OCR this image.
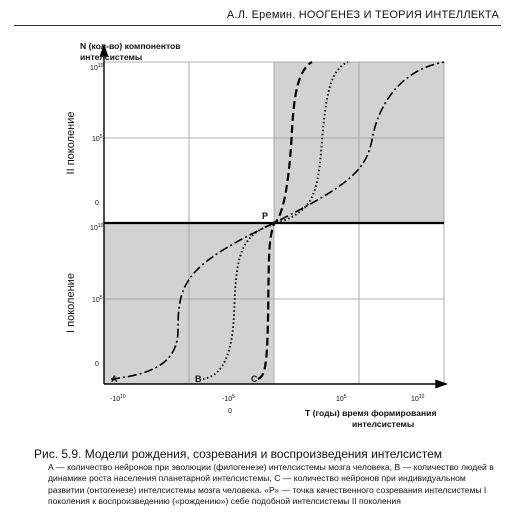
А.Л. Еремин. НООГЕНЕЗ И ТЕОРИЯ ИНТЕЛЛЕКТА
P
A	B	C
N (кол-во) компонентов
интелсистемы
II поколение
I поколение
$10^{10}$
$10^5$
0
$10^{10}$
$10^5$
0
$-10^{10}$	$-10^5$
0
$10^5$	$10^{10}$
T (годы) время формирования
интелсистемы
Рис. 5.9. Модели рождения, созревания и воспроизведения интелсистем
А — количество нейронов при эволюции (филогенезе) интелсистемы мозга человека, В — количество людей в динамике роста населения планетарной интелсистемы, С — количество нейронов при индивидуальном развитии (онтогенезе) интелсистемы мозга человека. «Р» — точка качественного созревания интелсистемы I поколения к воспроизведению («рождению») себе подобной интелсистемы II поколения
